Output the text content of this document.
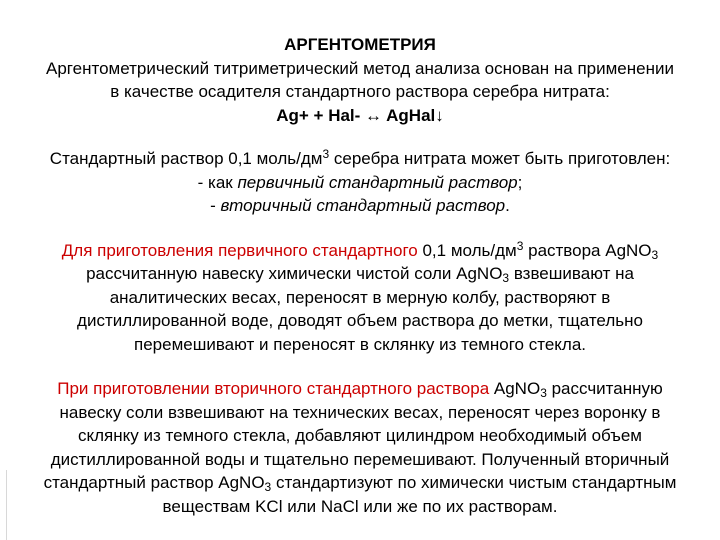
АРГЕНТОМЕТРИЯ
Аргентометрический титриметрический метод анализа основан на применении
в качестве осадителя стандартного раствора серебра нитрата:
Ag+ + Hal- ↔ AgHal↓
Стандартный раствор 0,1 моль/$дм^3$ серебра нитрата может быть приготовлен:
- как первичный стандартный раствор;
- вторичный стандартный раствор.
Для приготовления первичного стандартного 0,1 моль/$дм^3$ раствора AgNO$_3$
рассчитанную навеску химически чистой соли AgNO$_3$ взвешивают на
аналитических весах, переносят в мерную колбу, растворяют в
дистиллированной воде, доводят объем раствора до метки, тщательно
перемешивают и переносят в склянку из темного стекла.
При приготовлении вторичного стандартного раствора AgNO$_3$ рассчитанную
навеску соли взвешивают на технических весах, переносят через воронку в
склянку из темного стекла, добавляют цилиндром необходимый объем
дистиллированной воды и тщательно перемешивают. Полученный вторичный
стандартный раствор AgNO$_3$ стандартизуют по химически чистым стандартным
веществам KCl или NaCl или же по их растворам.
